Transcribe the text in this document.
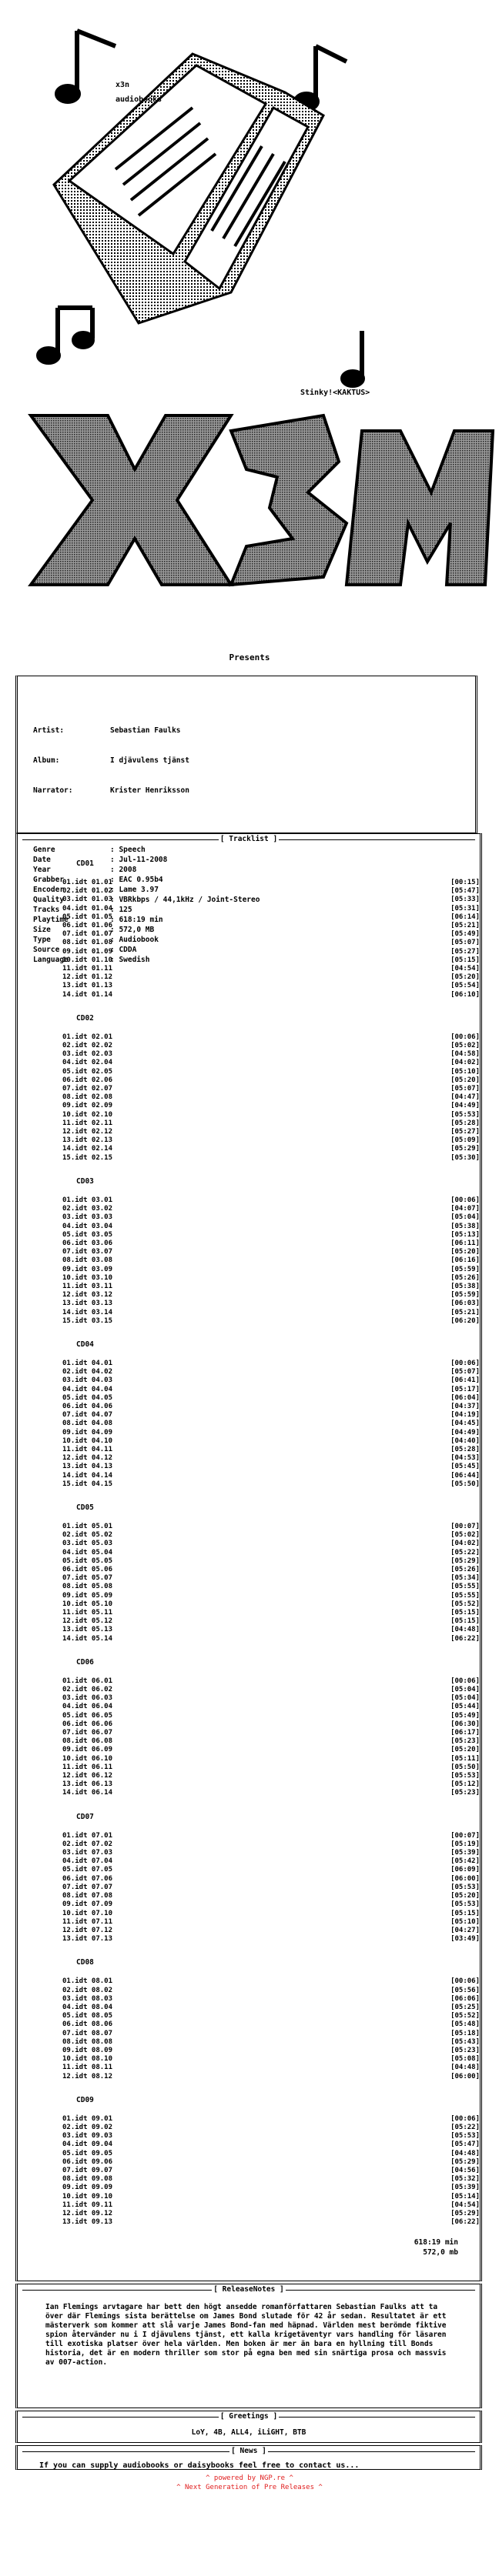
x3n
audiobooks
Stinky!<KAKTUS>
Presents

Artist:	Sebastian Faulks

Album:	I djävulens tjänst

Narrator:	Krister Henriksson

Genre	: Speech
Date	: Jul-11-2008
Year	: 2008
Grabber	: EAC 0.95b4
Encoder	: Lame 3.97
Quality	: VBRkbps / 44,1kHz / Joint-Stereo
Tracks	: 125
Playtime	: 618:19 min
Size	: 572,0 MB
Type	: Audiobook
Source	: CDDA
Language	: Swedish

[ Tracklist ]
CD01
01.idt 01.01	[00:15]
02.idt 01.02	[05:47]
03.idt 01.03	[05:33]
04.idt 01.04	[05:31]
05.idt 01.05	[06:14]
06.idt 01.06	[05:21]
07.idt 01.07	[05:49]
08.idt 01.08	[05:07]
09.idt 01.09	[05:27]
10.idt 01.10	[05:15]
11.idt 01.11	[04:54]
12.idt 01.12	[05:20]
13.idt 01.13	[05:54]
14.idt 01.14	[06:10]
CD02
01.idt 02.01	[00:06]
02.idt 02.02	[05:02]
03.idt 02.03	[04:58]
04.idt 02.04	[04:02]
05.idt 02.05	[05:10]
06.idt 02.06	[05:20]
07.idt 02.07	[05:07]
08.idt 02.08	[04:47]
09.idt 02.09	[04:49]
10.idt 02.10	[05:53]
11.idt 02.11	[05:28]
12.idt 02.12	[05:27]
13.idt 02.13	[05:09]
14.idt 02.14	[05:29]
15.idt 02.15	[05:30]
CD03
01.idt 03.01	[00:06]
02.idt 03.02	[04:07]
03.idt 03.03	[05:04]
04.idt 03.04	[05:38]
05.idt 03.05	[05:13]
06.idt 03.06	[06:11]
07.idt 03.07	[05:20]
08.idt 03.08	[06:16]
09.idt 03.09	[05:59]
10.idt 03.10	[05:26]
11.idt 03.11	[05:38]
12.idt 03.12	[05:59]
13.idt 03.13	[06:03]
14.idt 03.14	[05:21]
15.idt 03.15	[06:20]
CD04
01.idt 04.01	[00:06]
02.idt 04.02	[05:07]
03.idt 04.03	[06:41]
04.idt 04.04	[05:17]
05.idt 04.05	[06:04]
06.idt 04.06	[04:37]
07.idt 04.07	[04:19]
08.idt 04.08	[04:45]
09.idt 04.09	[04:49]
10.idt 04.10	[04:40]
11.idt 04.11	[05:28]
12.idt 04.12	[04:53]
13.idt 04.13	[05:45]
14.idt 04.14	[06:44]
15.idt 04.15	[05:50]
CD05
01.idt 05.01	[00:07]
02.idt 05.02	[05:02]
03.idt 05.03	[04:02]
04.idt 05.04	[05:22]
05.idt 05.05	[05:29]
06.idt 05.06	[05:26]
07.idt 05.07	[05:34]
08.idt 05.08	[05:55]
09.idt 05.09	[05:55]
10.idt 05.10	[05:52]
11.idt 05.11	[05:15]
12.idt 05.12	[05:15]
13.idt 05.13	[04:48]
14.idt 05.14	[06:22]
CD06
01.idt 06.01	[00:06]
02.idt 06.02	[05:04]
03.idt 06.03	[05:04]
04.idt 06.04	[05:44]
05.idt 06.05	[05:49]
06.idt 06.06	[06:30]
07.idt 06.07	[06:17]
08.idt 06.08	[05:23]
09.idt 06.09	[05:20]
10.idt 06.10	[05:11]
11.idt 06.11	[05:50]
12.idt 06.12	[05:53]
13.idt 06.13	[05:12]
14.idt 06.14	[05:23]
CD07
01.idt 07.01	[00:07]
02.idt 07.02	[05:19]
03.idt 07.03	[05:39]
04.idt 07.04	[05:42]
05.idt 07.05	[06:09]
06.idt 07.06	[06:00]
07.idt 07.07	[05:53]
08.idt 07.08	[05:20]
09.idt 07.09	[05:53]
10.idt 07.10	[05:15]
11.idt 07.11	[05:10]
12.idt 07.12	[04:27]
13.idt 07.13	[03:49]
CD08
01.idt 08.01	[00:06]
02.idt 08.02	[05:56]
03.idt 08.03	[06:06]
04.idt 08.04	[05:25]
05.idt 08.05	[05:52]
06.idt 08.06	[05:48]
07.idt 08.07	[05:18]
08.idt 08.08	[05:43]
09.idt 08.09	[05:23]
10.idt 08.10	[05:08]
11.idt 08.11	[04:48]
12.idt 08.12	[06:00]
CD09
01.idt 09.01	[00:06]
02.idt 09.02	[05:22]
03.idt 09.03	[05:53]
04.idt 09.04	[05:47]
05.idt 09.05	[04:48]
06.idt 09.06	[05:29]
07.idt 09.07	[04:56]
08.idt 09.08	[05:32]
09.idt 09.09	[05:39]
10.idt 09.10	[05:14]
11.idt 09.11	[04:54]
12.idt 09.12	[05:29]
13.idt 09.13	[06:22]
618:19 min
572,0 mb
[ ReleaseNotes ]

Ian Flemings arvtagare har bett den högt ansedde romanförfattaren Sebastian Faulks att ta över där Flemings sista berättelse om James Bond slutade för 42 år sedan. Resultatet är ett mästerverk som kommer att slå varje James Bond-fan med häpnad. Världen mest berömde fiktive spion återvänder nu i I djävulens tjänst, ett kalla krigetäventyr vars handling för läsaren till exotiska platser över hela världen. Men boken är mer än bara en hyllning till Bonds historia, det är en modern thriller som stor på egna ben med sin snärtiga prosa och massvis av 007-action.

[ Greetings ]
LoY, 4B, ALL4, iLiGHT, BTB
[ News ]
If you can supply audiobooks or daisybooks feel free to contact us...
^ powered by NGP.re ^
^ Next Generation of Pre Releases ^
